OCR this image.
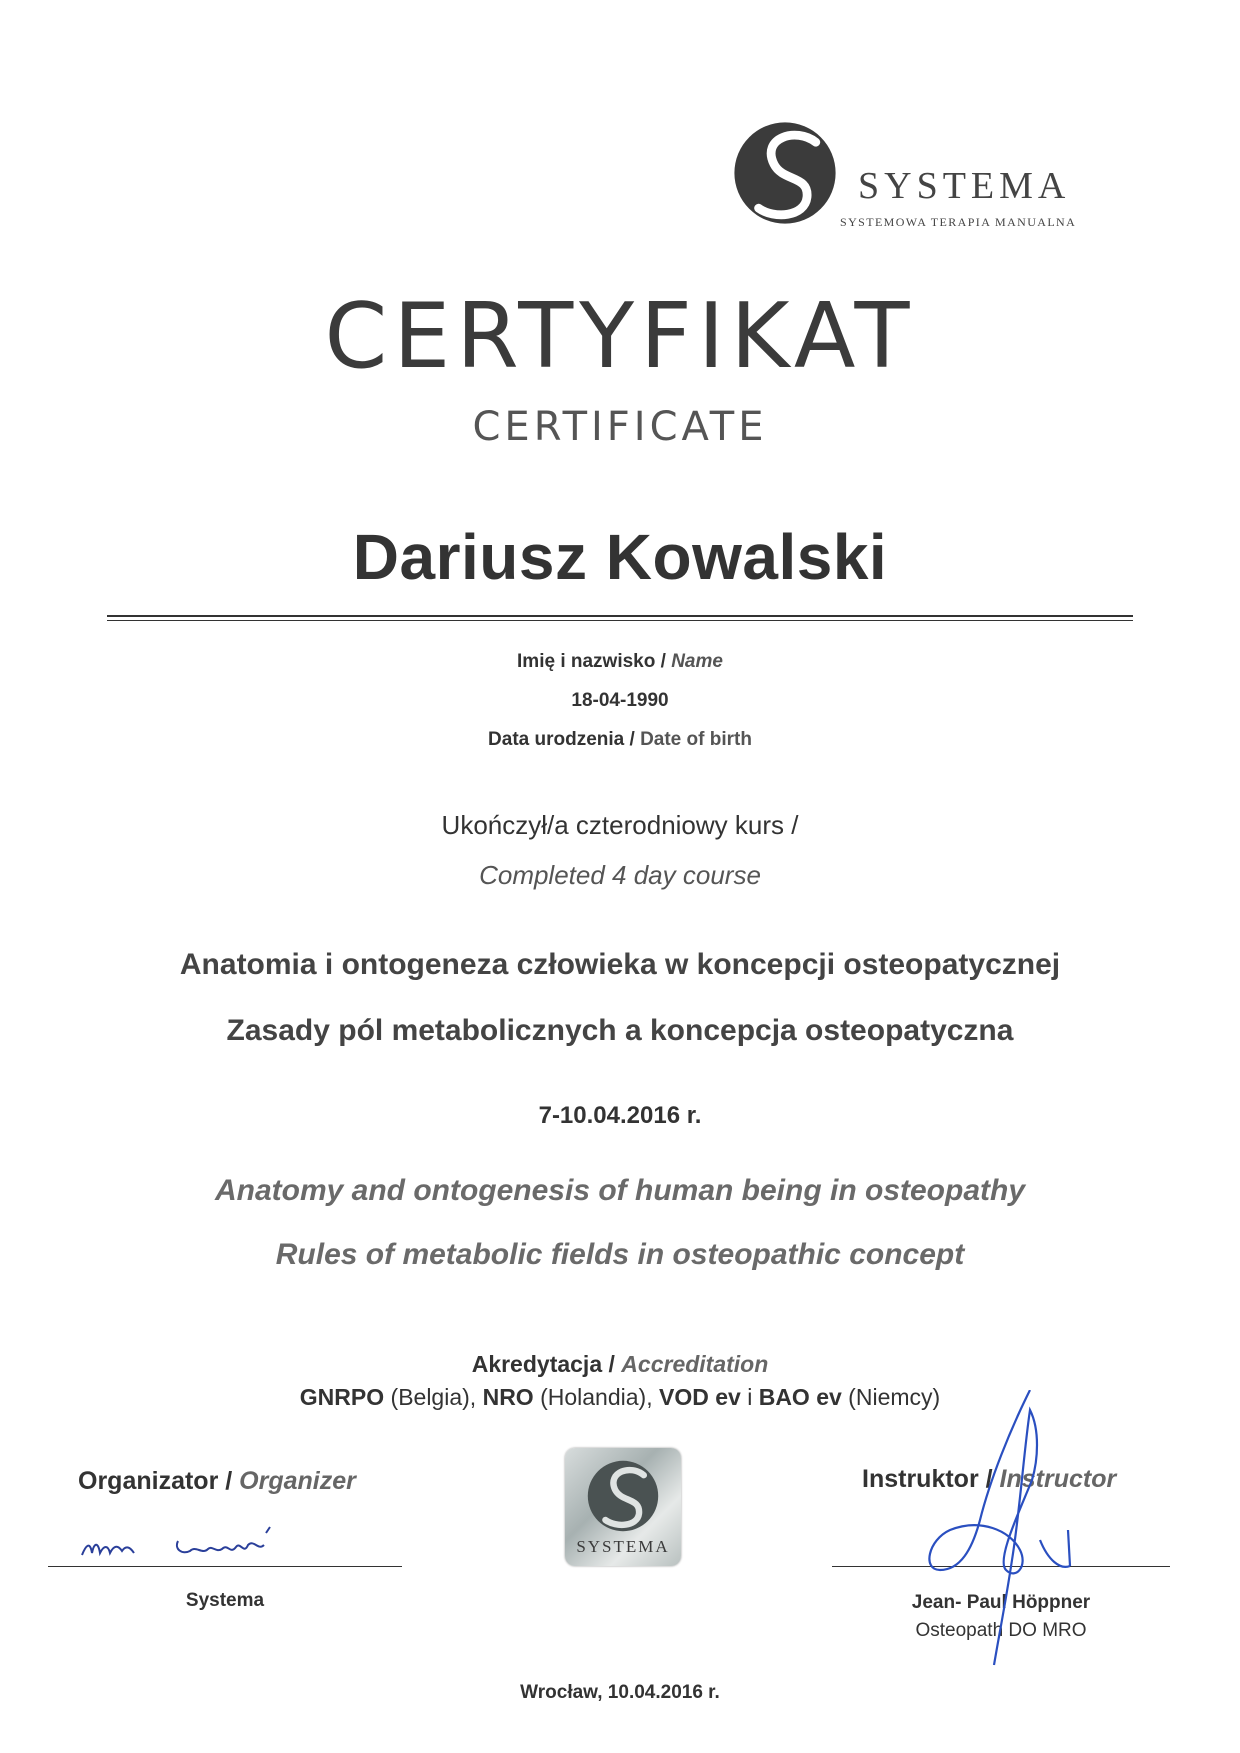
SYSTEMA
SYSTEMOWA TERAPIA MANUALNA
CERTYFIKAT
CERTIFICATE
Dariusz Kowalski
Imię i nazwisko / Name
18-04-1990
Data urodzenia / Date of birth
Ukończył/a czterodniowy kurs /
Completed 4 day course
Anatomia i ontogeneza człowieka w koncepcji osteopatycznej
Zasady pól metabolicznych a koncepcja osteopatyczna
7-10.04.2016 r.
Anatomy and ontogenesis of human being in osteopathy
Rules of metabolic fields in osteopathic concept
Akredytacja / Accreditation
GNRPO (Belgia), NRO (Holandia), VOD ev i BAO ev (Niemcy)
Organizator / Organizer
Systema
SYSTEMA
Instruktor / Instructor
Jean- Paul Höppner
Osteopath DO MRO
Wrocław, 10.04.2016 r.
